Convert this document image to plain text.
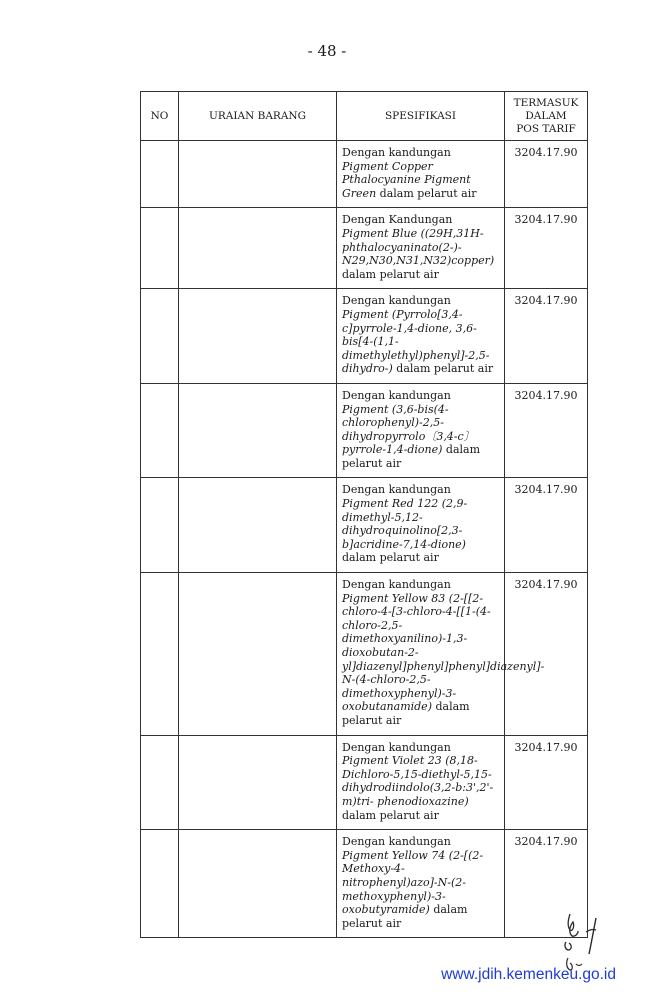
- 48 -
NO	URAIAN BARANG	SPESIFIKASI	TERMASUK
DALAM
POS TARIF
		Dengan kandungan Pigment Copper Pthalocyanine Pigment Green dalam pelarut air	3204.17.90
		Dengan Kandungan Pigment Blue ((29H,31H-phthalocyaninato(2-)-N29,N30,N31,N32)copper) dalam pelarut air	3204.17.90
		Dengan kandungan Pigment (Pyrrolo[3,4-c]pyrrole-1,4-dione, 3,6-bis[4-(1,1-dimethylethyl)phenyl]-2,5-dihydro-) dalam pelarut air	3204.17.90
		Dengan kandungan Pigment (3,6-bis(4-chlorophenyl)-2,5-dihydropyrrolo〔3,4-c〕pyrrole-1,4-dione) dalam pelarut air	3204.17.90
		Dengan kandungan Pigment Red 122 (2,9-dimethyl-5,12-dihydroquinolino[2,3-b]acridine-7,14-dione) dalam pelarut air	3204.17.90
		Dengan kandungan Pigment Yellow 83 (2-[[2-chloro-4-[3-chloro-4-[[1-(4-chloro-2,5-dimethoxyanilino)-1,3-dioxobutan-2-yl]diazenyl]phenyl]phenyl]diazenyl]-N-(4-chloro-2,5-dimethoxyphenyl)-3-oxobutanamide) dalam pelarut air	3204.17.90
		Dengan kandungan Pigment Violet 23 (8,18-Dichloro-5,15-diethyl-5,15-dihydrodiindolo(3,2-b:3',2'-m)tri- phenodioxazine) dalam pelarut air	3204.17.90
		Dengan kandungan Pigment Yellow 74 (2-[(2-Methoxy-4-nitrophenyl)azo]-N-(2-methoxyphenyl)-3-oxobutyramide) dalam pelarut air	3204.17.90
www.jdih.kemenkeu.go.id
